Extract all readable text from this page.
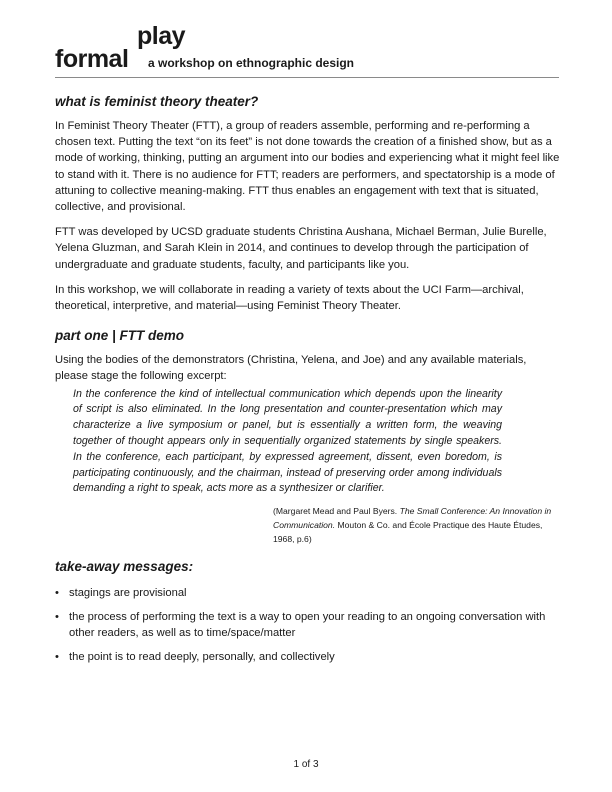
play
formal a workshop on ethnographic design
what is feminist theory theater?

In Feminist Theory Theater (FTT), a group of readers assemble, performing and re-performing a chosen text. Putting the text “on its feet” is not done towards the creation of a finished show, but as a mode of working, thinking, putting an argument into our bodies and experiencing what it might feel like to stand with it. There is no audience for FTT; readers are performers, and spectatorship is a mode of attuning to collective meaning-making. FTT thus enables an engagement with text that is situated, collective, and provisional.

FTT was developed by UCSD graduate students Christina Aushana, Michael Berman, Julie Burelle, Yelena Gluzman, and Sarah Klein in 2014, and continues to develop through the participation of undergraduate and graduate students, faculty, and participants like you.

In this workshop, we will collaborate in reading a variety of texts about the UCI Farm—archival, theoretical, interpretive, and material—using Feminist Theory Theater.

part one | FTT demo

Using the bodies of the demonstrators (Christina, Yelena, and Joe) and any available materials, please stage the following excerpt:

In the conference the kind of intellectual communication which depends upon the linearity of script is also eliminated. In the long presentation and counter-presentation which may characterize a live symposium or panel, but is essentially a written form, the weaving together of thought appears only in sequentially organized statements by single speakers. In the conference, each participant, by expressed agreement, dissent, even boredom, is participating continuously, and the chairman, instead of preserving order among individuals demanding a right to speak, acts more as a synthesizer or clarifier.

(Margaret Mead and Paul Byers. The Small Conference: An Innovation in Communication. Mouton & Co. and École Practique des Haute Études, 1968, p.6)

take-away messages:
• stagings are provisional
• the process of performing the text is a way to open your reading to an ongoing conversation with other readers, as well as to time/space/matter
• the point is to read deeply, personally, and collectively
1 of 3
